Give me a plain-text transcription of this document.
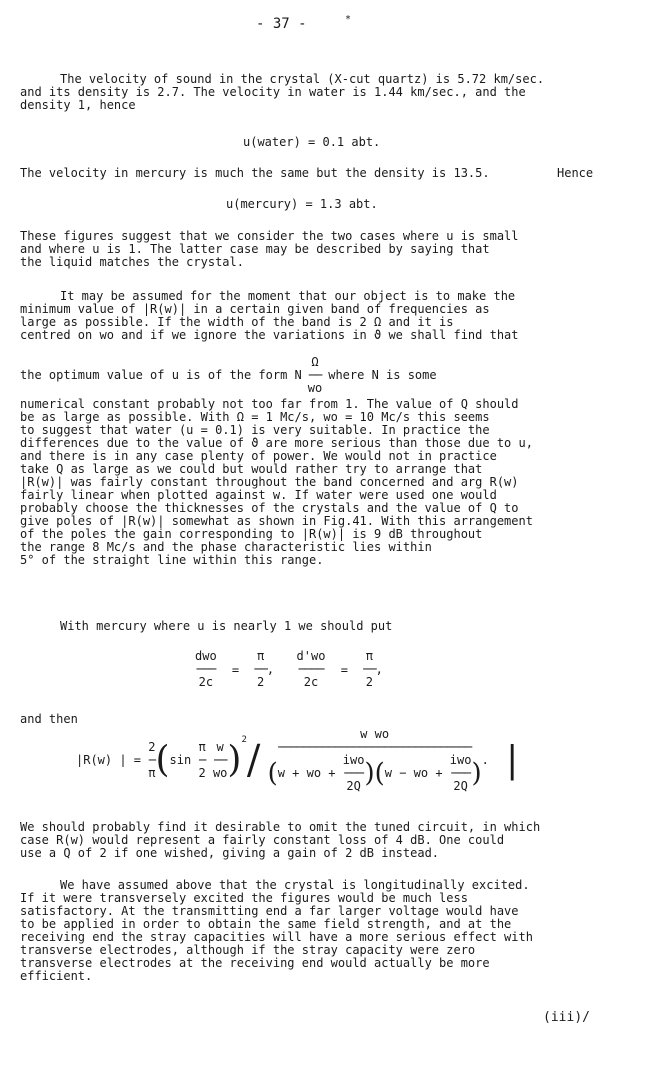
- 37 -	*
The velocity of sound in the crystal (X-cut quartz) is 5.72 km/sec.
and its density is 2.7. The velocity in water is 1.44 km/sec., and the
density 1, hence
u(water) = 0.1 abt.
The velocity in mercury is much the same but the density is 13.5.	Hence
u(mercury) = 1.3 abt.
These figures suggest that we consider the two cases where u is small
and where u is 1. The latter case may be described by saying that
the liquid matches the crystal.
It may be assumed for the moment that our object is to make the
minimum value of |R(w)| in a certain given band of frequencies as
large as possible. If the width of the band is 2 Ω and it is
centred on wo and if we ignore the variations in ϑ we shall find that
the optimum value of u is of the form N
Ω
──
wo
where N is some
numerical constant probably not too far from 1. The value of Q should
be as large as possible. With Ω = 1 Mc/s, wo = 10 Mc/s this seems
to suggest that water (u = 0.1) is very suitable. In practice the
differences due to the value of ϑ are more serious than those due to u,
and there is in any case plenty of power. We would not in practice
take Q as large as we could but would rather try to arrange that
|R(w)| was fairly constant throughout the band concerned and arg R(w)
fairly linear when plotted against w. If water were used one would
probably choose the thicknesses of the crystals and the value of Q to
give poles of |R(w)| somewhat as shown in Fig.41. With this arrangement
of the poles the gain corresponding to |R(w)| is 9 dB throughout
the range 8 Mc/s and the phase characteristic lies within
5° of the straight line within this range.
With mercury where u is nearly 1 we should put
dwo
───
2c
=
π
──
2
,
d'wo
────
2c
=
π
──
2
,
and then
|R(w) | =
2
─
π (sin
π
─
2

w
──
wo )$^2$/
w wo
───────────────────────────────
(w + wo +
iwo
───
2Q )(w − wo +
iwo
───
2Q ) . |
We should probably find it desirable to omit the tuned circuit, in which
case R(w) would represent a fairly constant loss of 4 dB. One could
use a Q of 2 if one wished, giving a gain of 2 dB instead.
We have assumed above that the crystal is longitudinally excited.
If it were transversely excited the figures would be much less
satisfactory. At the transmitting end a far larger voltage would have
to be applied in order to obtain the same field strength, and at the
receiving end the stray capacities will have a more serious effect with
transverse electrodes, although if the stray capacity were zero
transverse electrodes at the receiving end would actually be more
efficient.
(iii)/
